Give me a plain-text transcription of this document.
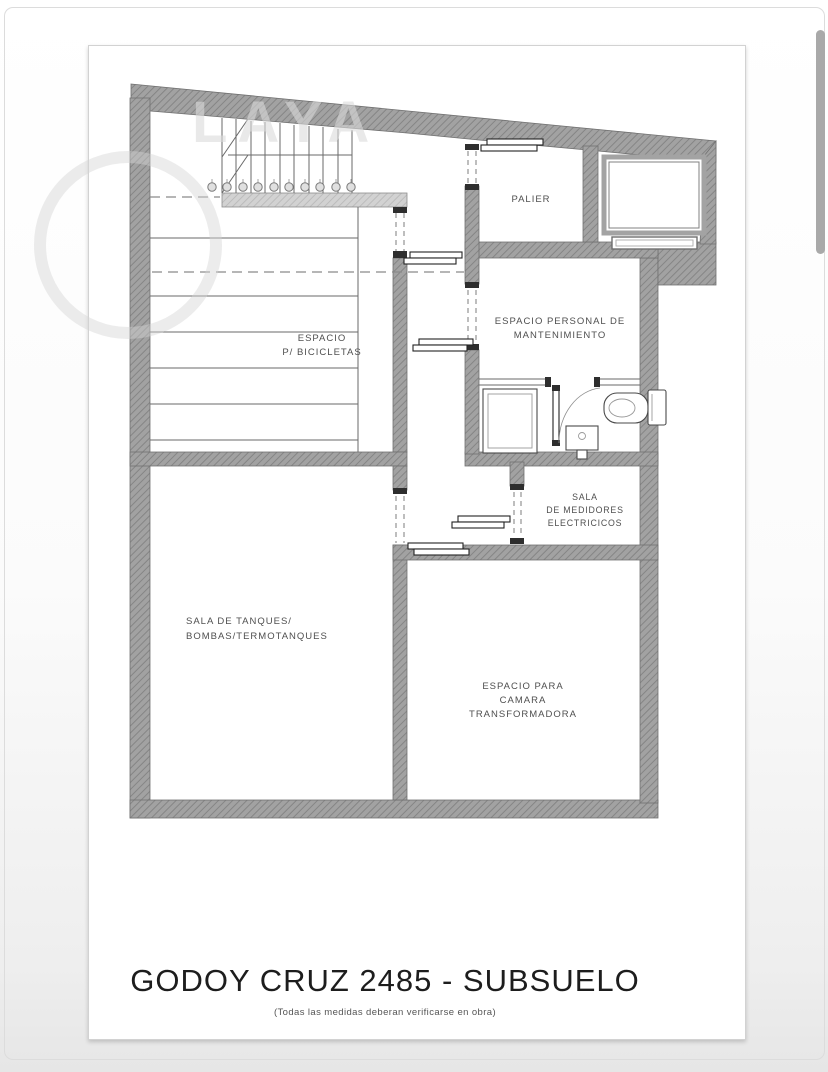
LAYA
PALIER
ESPACIO PERSONAL DE
MANTENIMIENTO
ESPACIO
P/ BICICLETAS
SALA
DE MEDIDORES
ELECTRICICOS
SALA DE TANQUES/
BOMBAS/TERMOTANQUES
ESPACIO PARA
CAMARA
TRANSFORMADORA
GODOY CRUZ 2485 - SUBSUELO
(Todas las medidas deberan verificarse en obra)
